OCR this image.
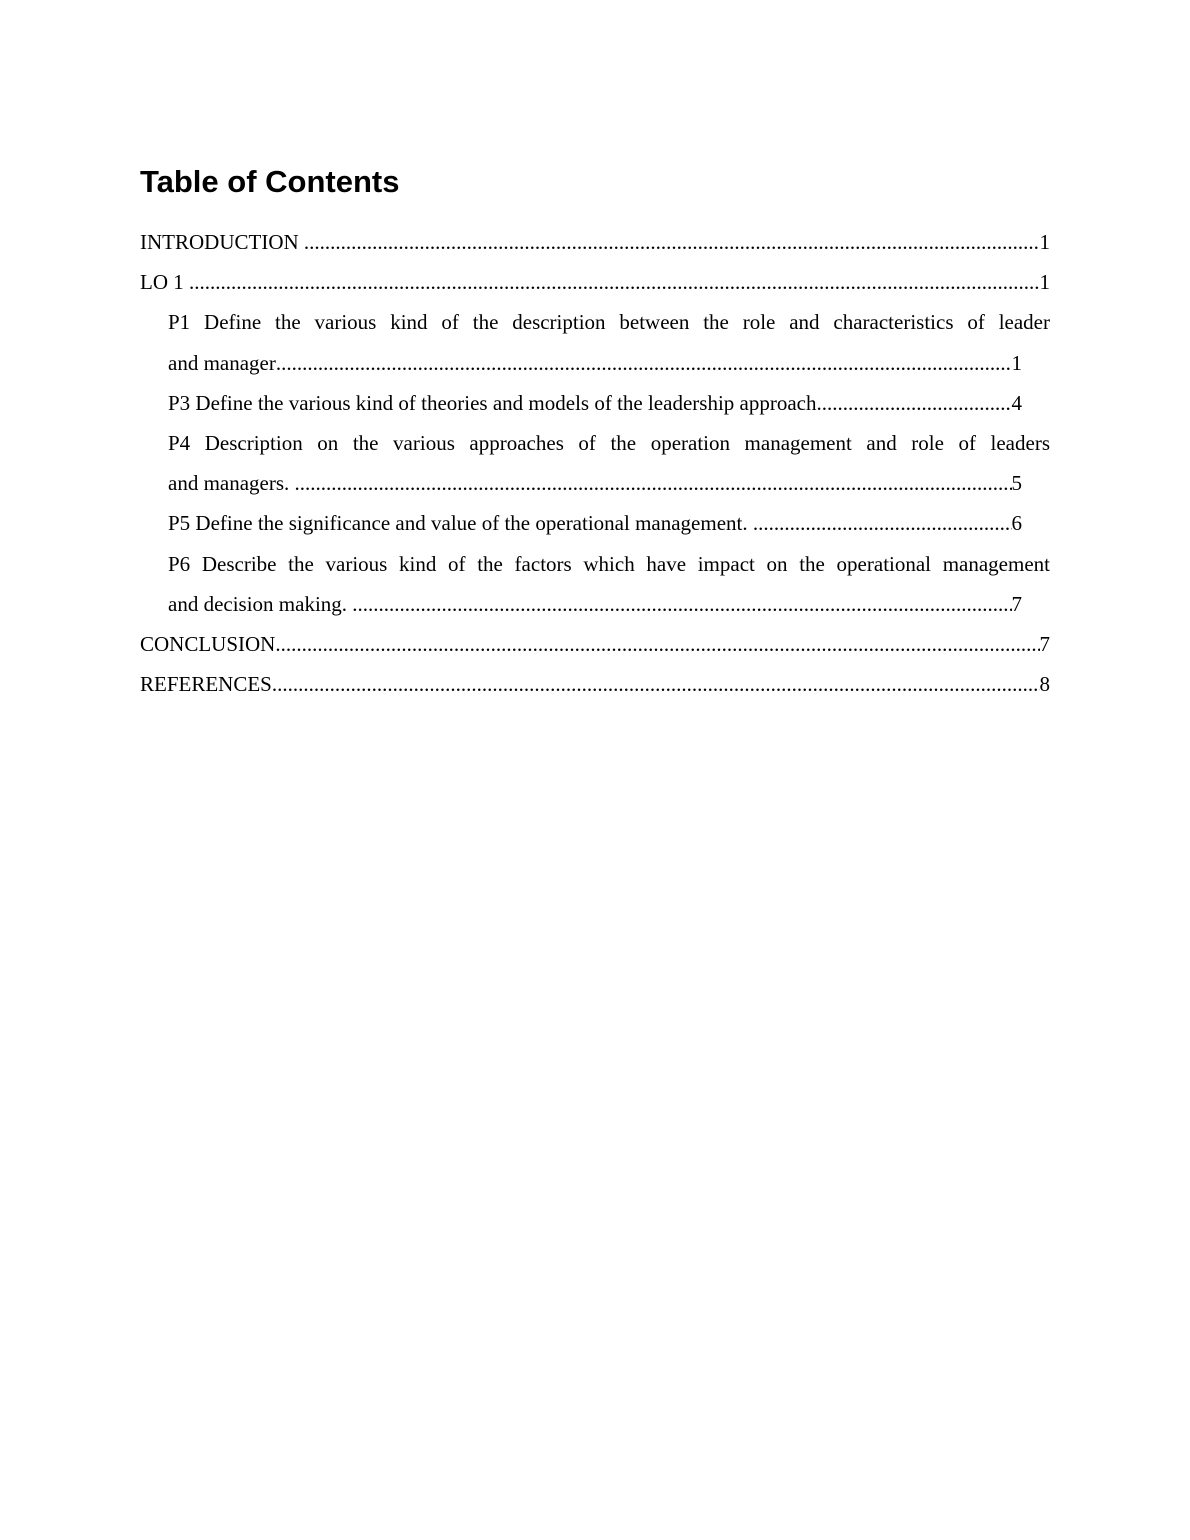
Table of Contents
INTRODUCTION .....	1
LO 1 .....	1
P1 Define the various kind of the description between the role and characteristics of leader
and manager .....	1
P3 Define the various kind of theories and models of the leadership approach .....	4
P4 Description on the various approaches of the operation management and role of leaders
and managers. .....	5
P5 Define the significance and value of the operational management. .....	6
P6 Describe the various kind of the factors which have impact on the operational management
and decision making. .....	7
CONCLUSION .....	7
REFERENCES .....	8
